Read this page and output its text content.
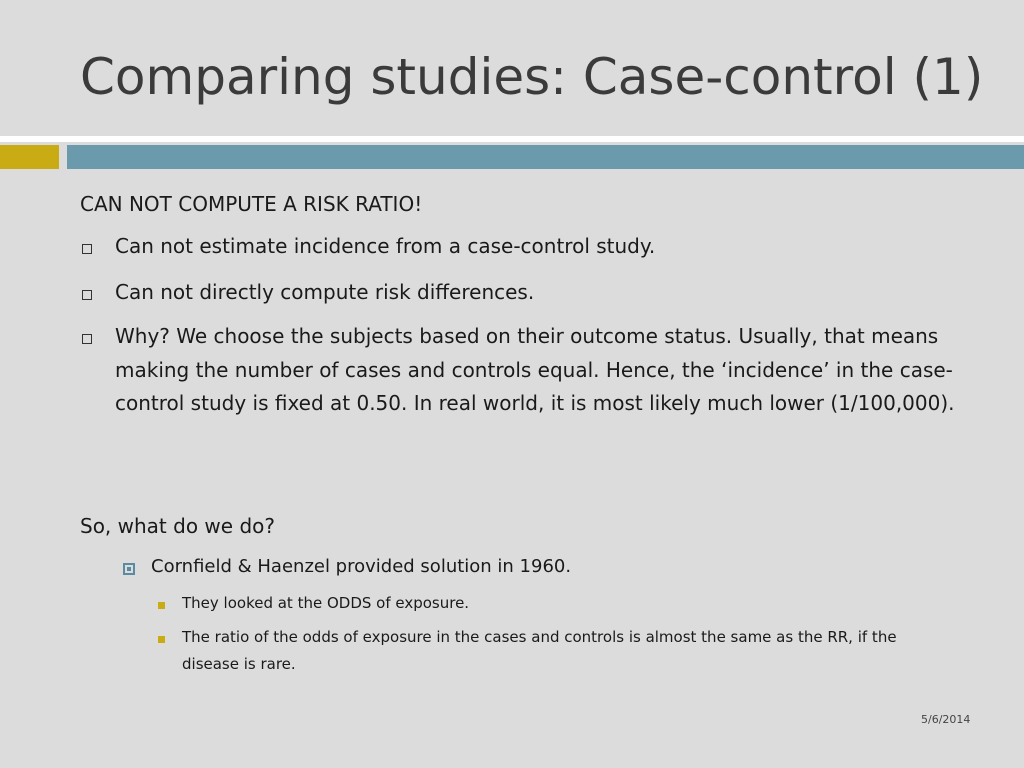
Comparing studies: Case-control (1)
CAN NOT COMPUTE A RISK RATIO!
Can not estimate incidence from a case-control study.
Can not directly compute risk differences.
Why? We choose the subjects based on their outcome status. Usually, that means making the number of cases and controls equal. Hence, the ‘incidence’ in the case-control study is fixed at 0.50. In real world, it is most likely much lower (1/100,000).
So, what do we do?
Cornfield & Haenzel provided solution in 1960.
They looked at the ODDS of exposure.
The ratio of the odds of exposure in the cases and controls is almost the same as the RR, if the disease is rare.
5/6/2014
